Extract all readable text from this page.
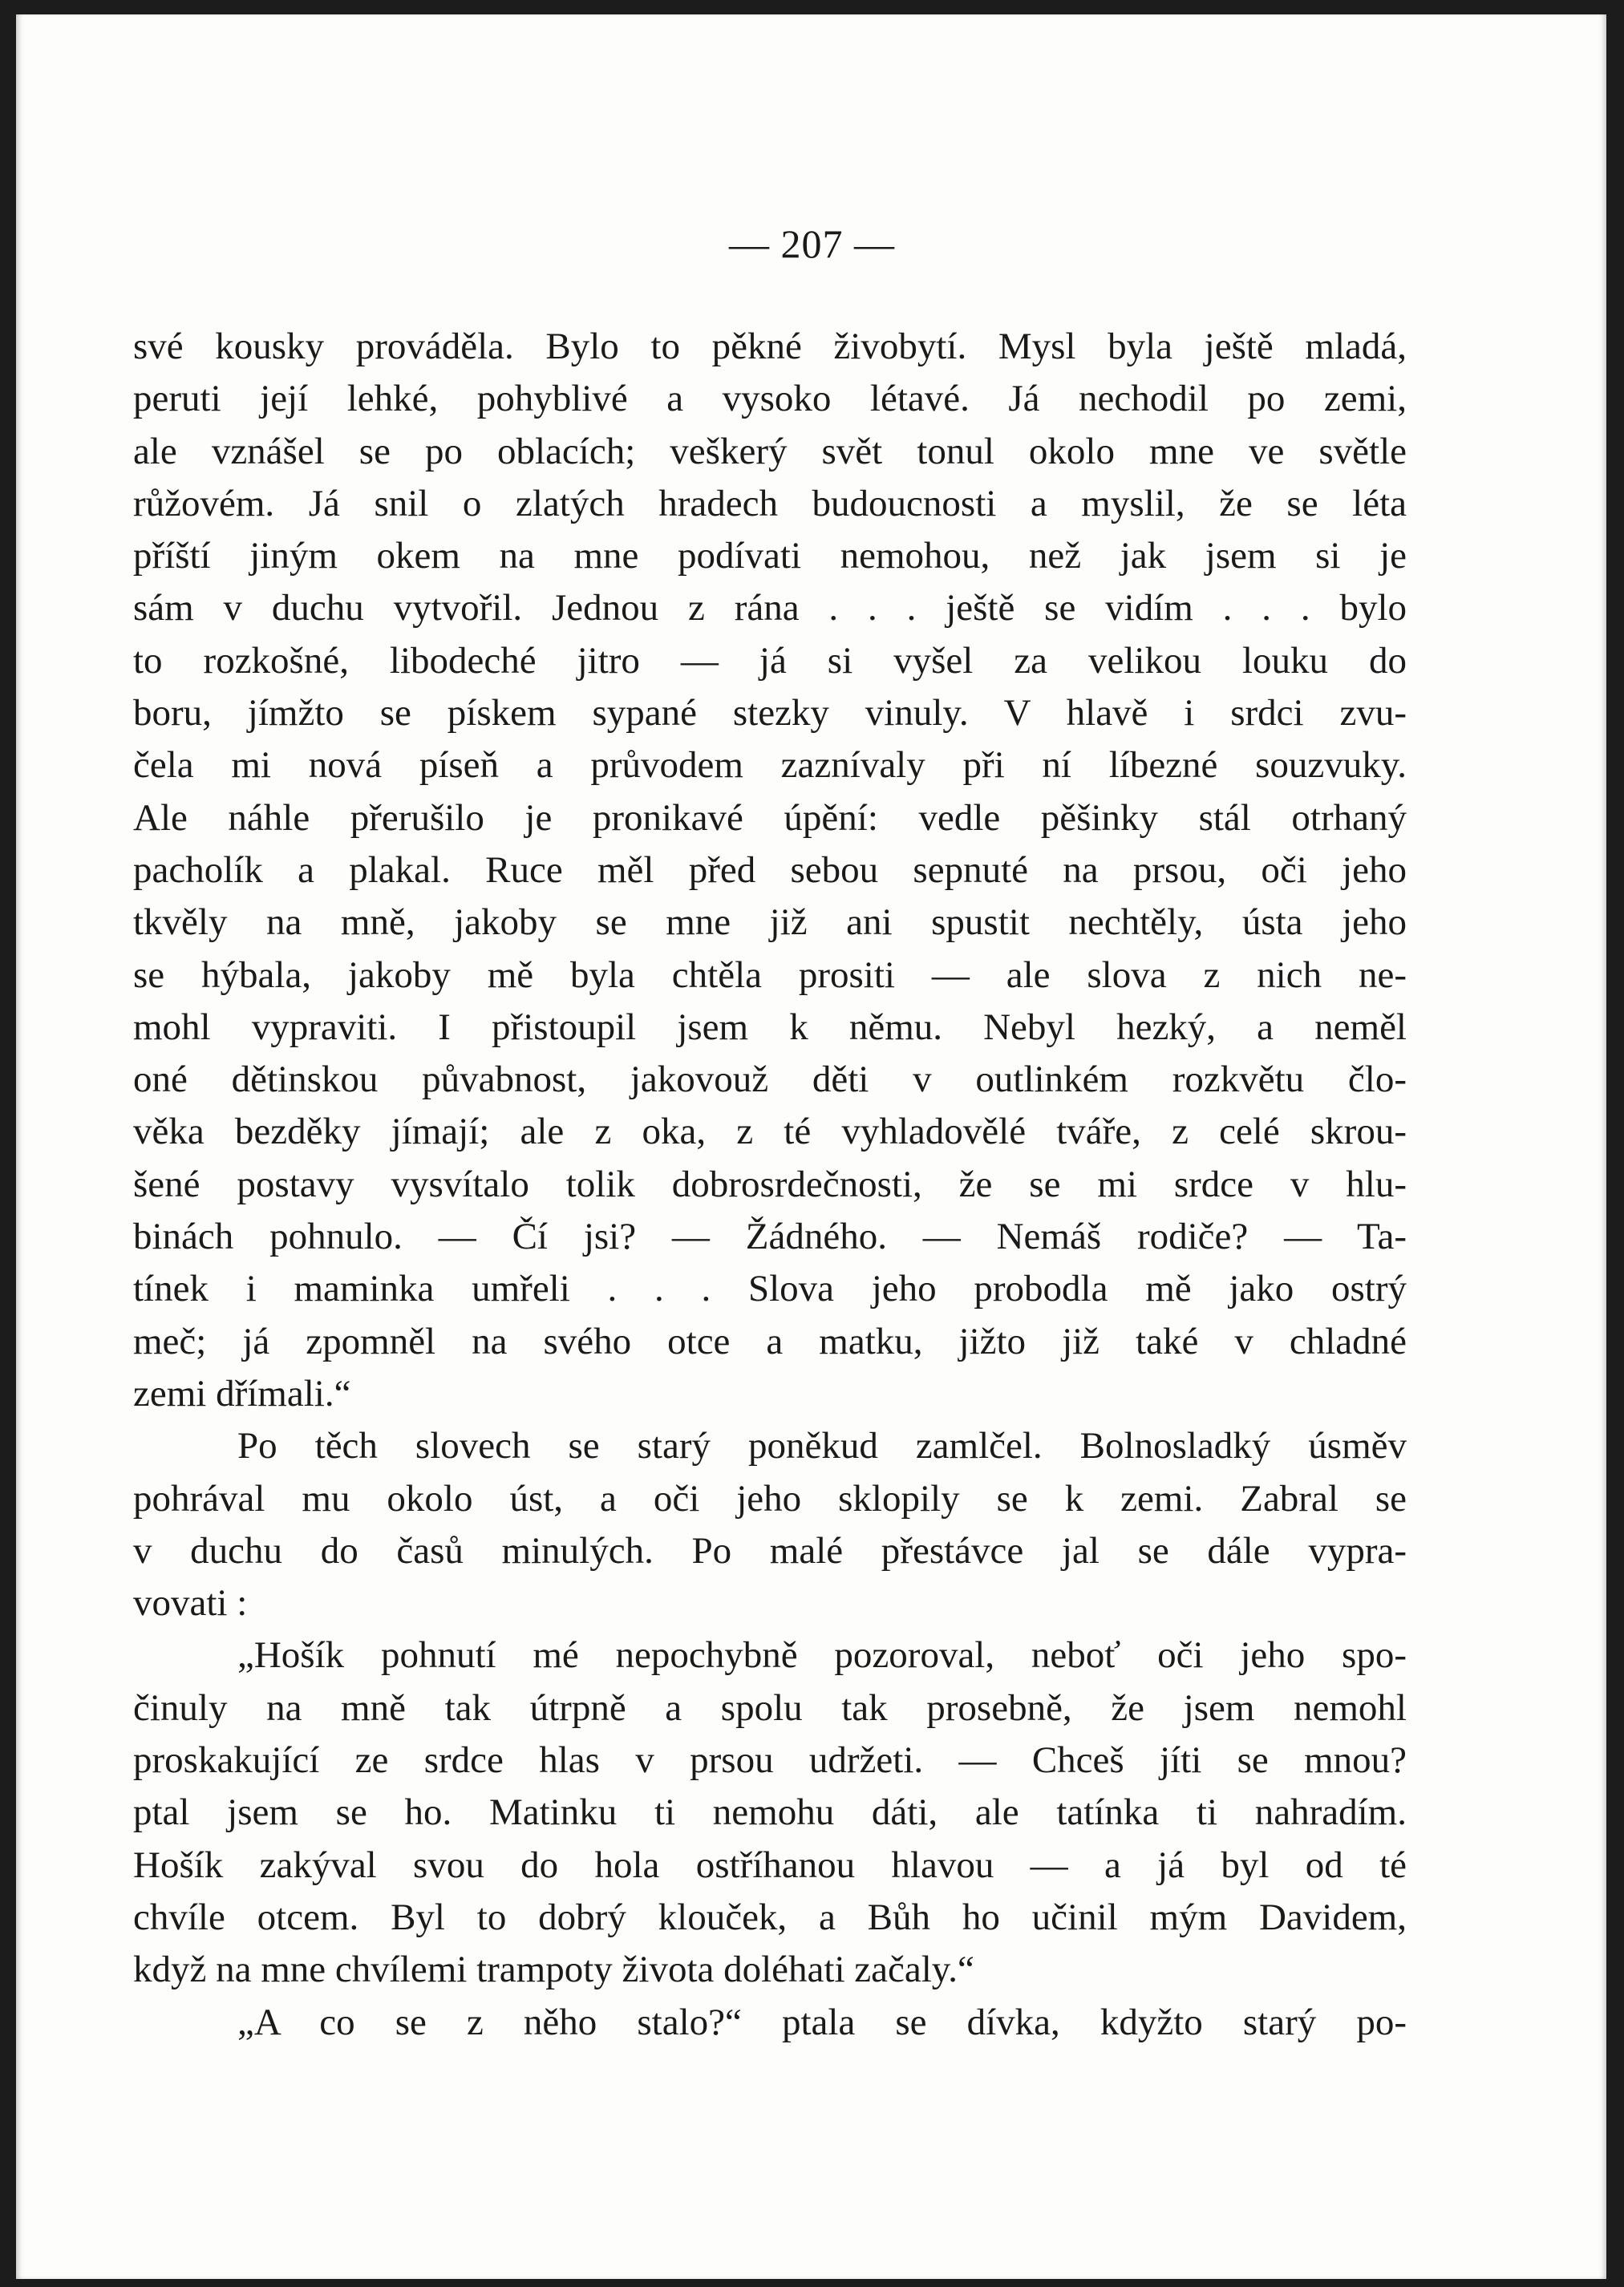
— 207 —
své kousky prováděla. Bylo to pěkné živobytí. Mysl byla ještě mladá,
peruti její lehké, pohyblivé a vysoko létavé. Já nechodil po zemi,
ale vznášel se po oblacích; veškerý svět tonul okolo mne ve světle
růžovém. Já snil o zlatých hradech budoucnosti a myslil, že se léta
příští jiným okem na mne podívati nemohou, než jak jsem si je
sám v duchu vytvořil. Jednou z rána . . . ještě se vidím . . . bylo
to rozkošné, libodeché jitro — já si vyšel za velikou louku do
boru, jímžto se pískem sypané stezky vinuly. V hlavě i srdci zvu-
čela mi nová píseň a průvodem zaznívaly při ní líbezné souzvuky.
Ale náhle přerušilo je pronikavé úpění: vedle pěšinky stál otrhaný
pacholík a plakal. Ruce měl před sebou sepnuté na prsou, oči jeho
tkvěly na mně, jakoby se mne již ani spustit nechtěly, ústa jeho
se hýbala, jakoby mě byla chtěla prositi — ale slova z nich ne-
mohl vypraviti. I přistoupil jsem k němu. Nebyl hezký, a neměl
oné dětinskou půvabnost, jakovouž děti v outlinkém rozkvětu člo-
věka bezděky jímají; ale z oka, z té vyhladovělé tváře, z celé skrou-
šené postavy vysvítalo tolik dobrosrdečnosti, že se mi srdce v hlu-
binách pohnulo. — Čí jsi? — Žádného. — Nemáš rodiče? — Ta-
tínek i maminka umřeli . . . Slova jeho probodla mě jako ostrý
meč; já zpomněl na svého otce a matku, jižto již také v chladné
zemi dřímali.“
Po těch slovech se starý poněkud zamlčel. Bolnosladký úsměv
pohrával mu okolo úst, a oči jeho sklopily se k zemi. Zabral se
v duchu do časů minulých. Po malé přestávce jal se dále vypra-
vovati :
„Hošík pohnutí mé nepochybně pozoroval, neboť oči jeho spo-
činuly na mně tak útrpně a spolu tak prosebně, že jsem nemohl
proskakující ze srdce hlas v prsou udržeti. — Chceš jíti se mnou?
ptal jsem se ho. Matinku ti nemohu dáti, ale tatínka ti nahradím.
Hošík zakýval svou do hola ostříhanou hlavou — a já byl od té
chvíle otcem. Byl to dobrý klouček, a Bůh ho učinil mým Davidem,
když na mne chvílemi trampoty života doléhati začaly.“
„A co se z něho stalo?“ ptala se dívka, kdyžto starý po-
